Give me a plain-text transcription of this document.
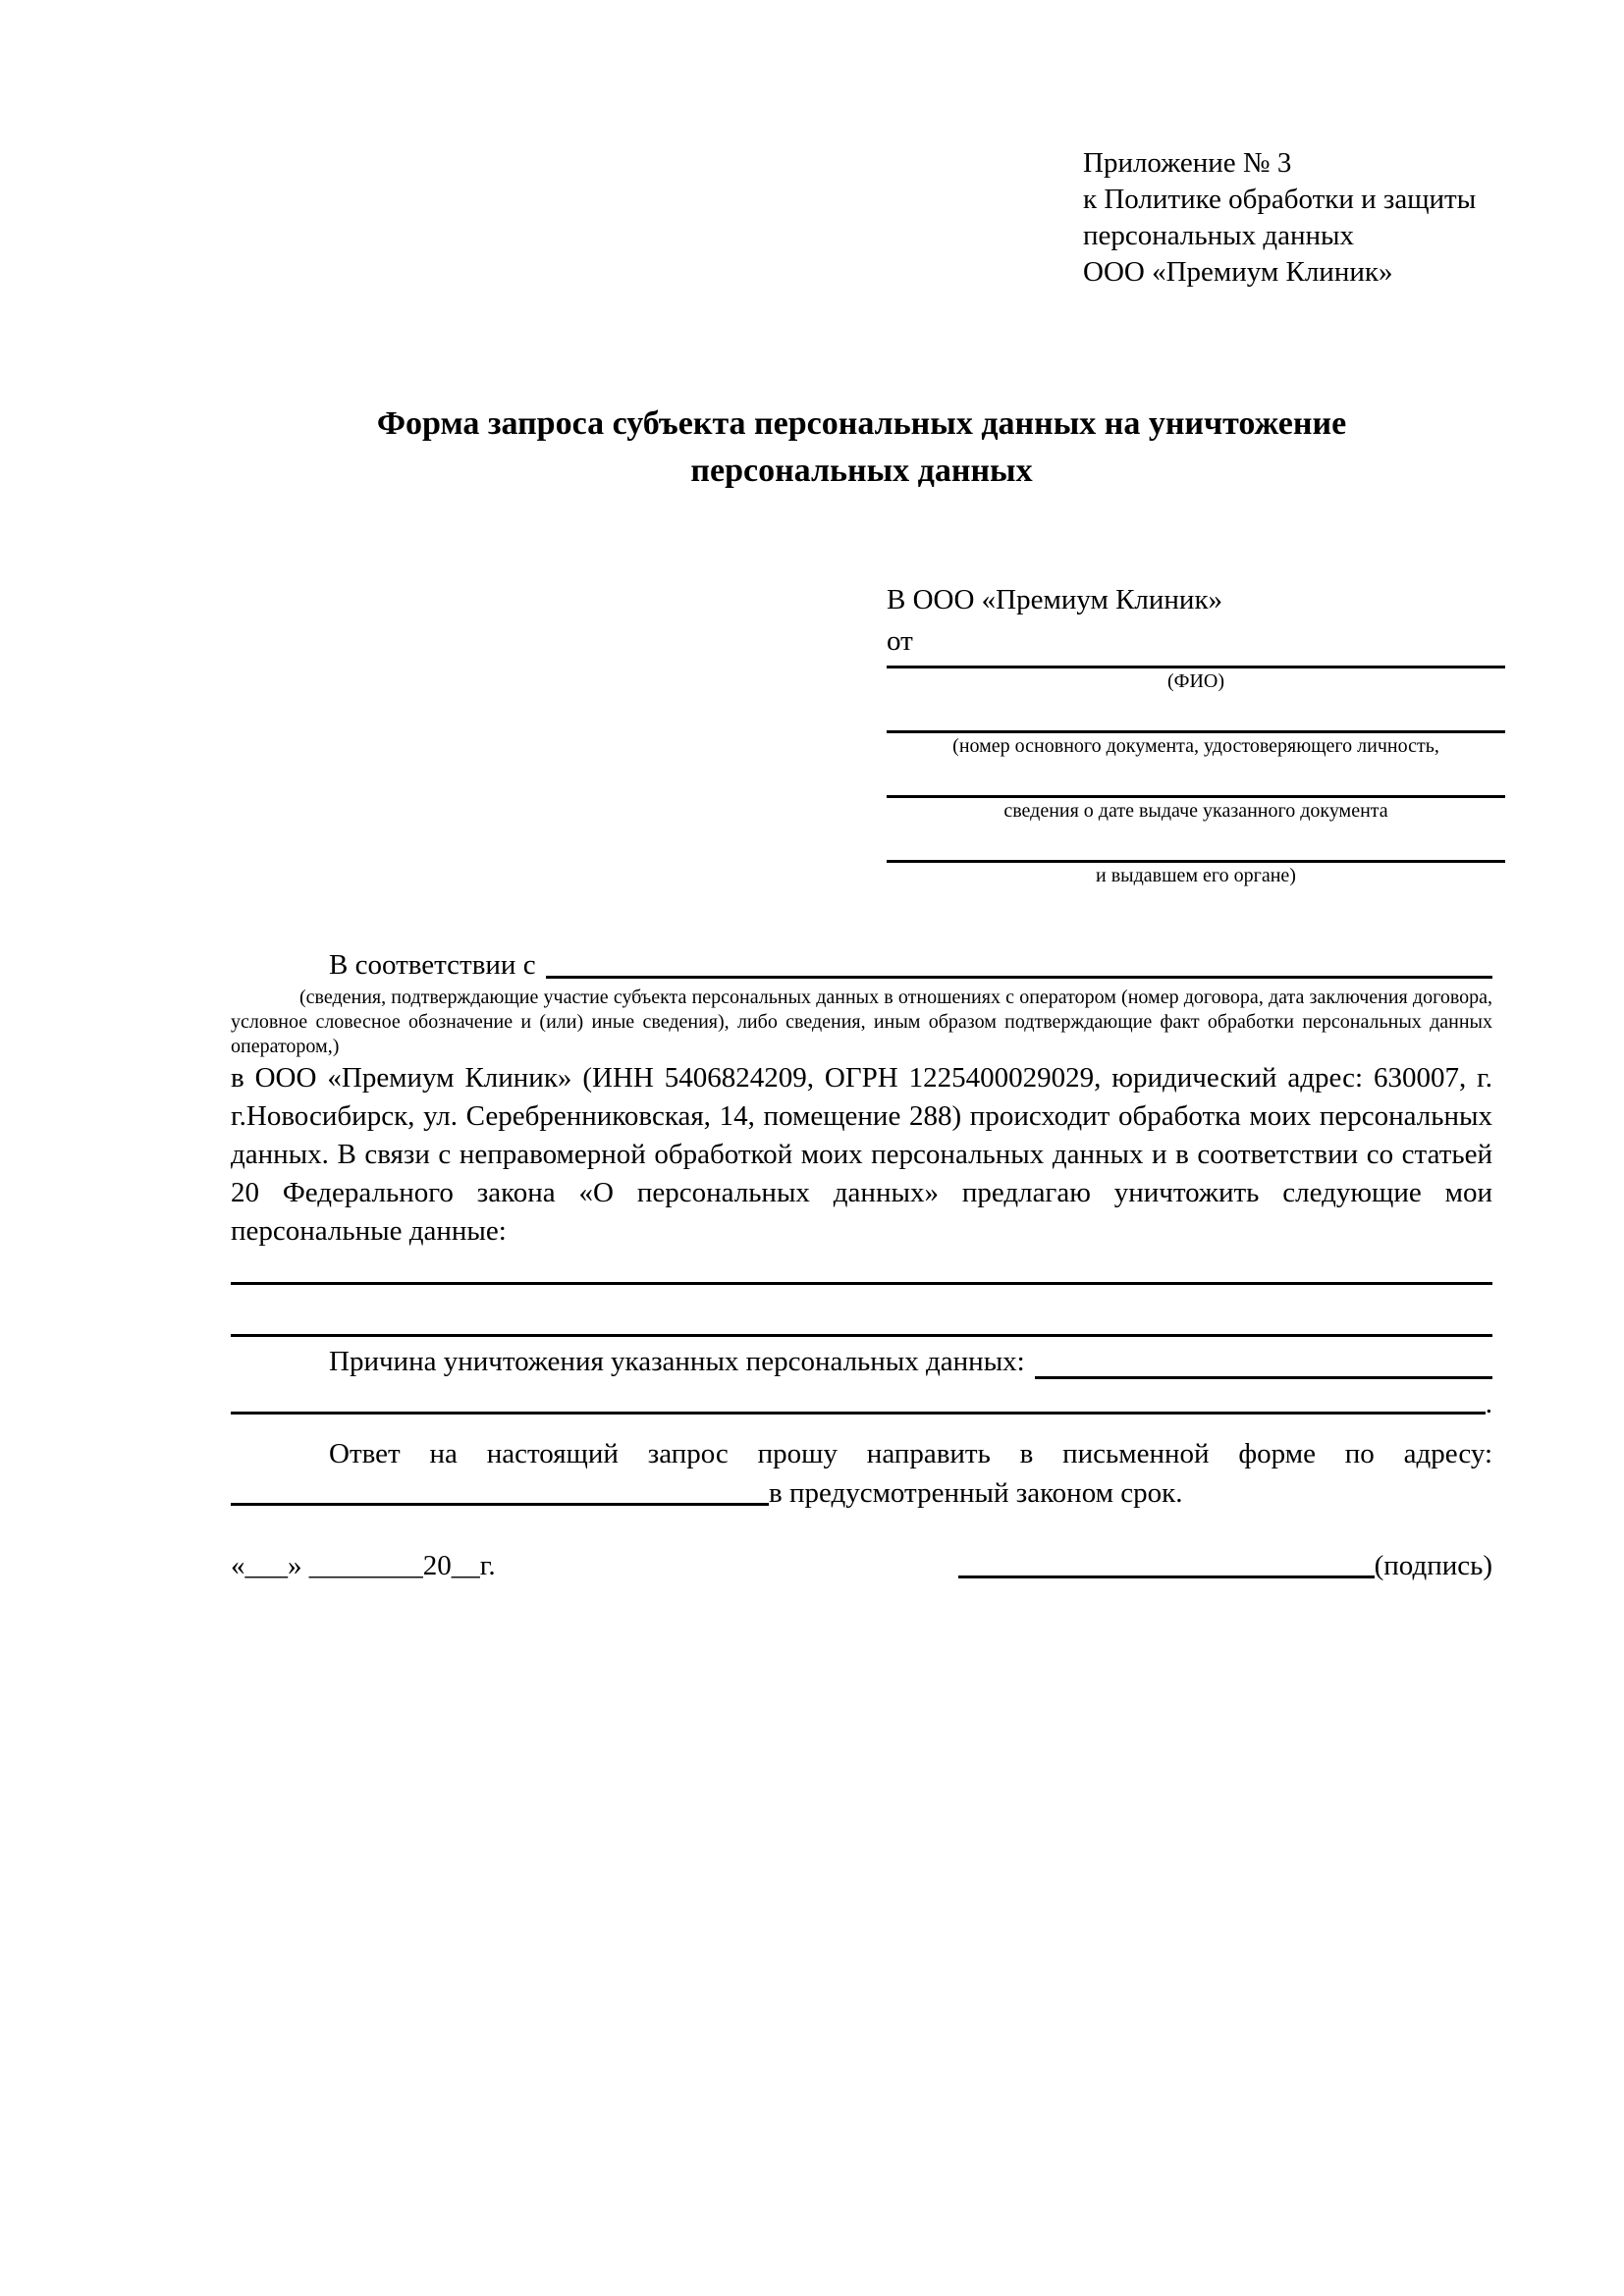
Приложение № 3
к Политике обработки и защиты
персональных данных
ООО «Премиум Клиник»
Форма запроса субъекта персональных данных на уничтожение персональных данных
В ООО «Премиум Клиник»
от
(ФИО)
(номер основного документа, удостоверяющего личность,
сведения о дате выдаче указанного документа
и выдавшем его органе)
В соответствии с
(сведения, подтверждающие участие субъекта персональных данных в отношениях с оператором (номер договора, дата заключения договора, условное словесное обозначение и (или) иные сведения), либо сведения, иным образом подтверждающие факт обработки персональных данных оператором,)

в ООО «Премиум Клиник» (ИНН 5406824209, ОГРН 1225400029029, юридический адрес: 630007, г. г.Новосибирск, ул. Серебренниковская, 14, помещение 288) происходит обработка моих персональных данных. В связи с неправомерной обработкой моих персональных данных и в соответствии со статьей 20 Федерального закона «О персональных данных» предлагаю уничтожить следующие мои персональные данные:

Причина уничтожения указанных персональных данных:
.

Ответ на настоящий запрос прошу направить в письменной форме по адресу:

в предусмотренный законом срок.
«___» ________20__г.	(подпись)
